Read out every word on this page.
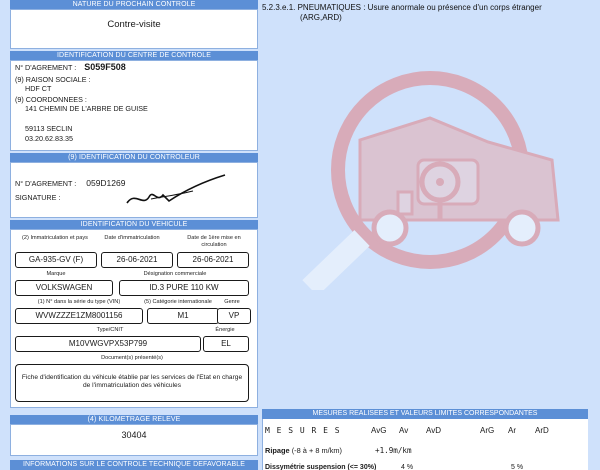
NATURE DU PROCHAIN CONTROLE
Contre-visite
IDENTIFICATION DU CENTRE DE CONTROLE
N° D'AGREMENT : S059F508
(9) RAISON SOCIALE :
HDF CT
(9) COORDONNEES :
141 CHEMIN DE L'ARBRE DE GUISE
59113 SECLIN
03.20.62.83.35
(9) IDENTIFICATION DU CONTROLEUR
N° D'AGREMENT : 059D1269
SIGNATURE :
IDENTIFICATION DU VEHICULE
(2) Immatriculation et pays	Date d'immatriculation	Date de 1ère mise en circulation
GA-935-GV (F)	26-06-2021	26-06-2021
Marque	Désignation commerciale
VOLKSWAGEN	ID.3 PURE 110 KW
(1) N° dans la série du type (VIN)	(5) Catégorie internationale	Genre
WVWZZZE1ZM8001156	M1	VP
Type/CNIT	Énergie
M10VWGVPX53P799	EL
Document(s) présenté(s)
Fiche d'identification du véhicule établie par les services de l'Etat en charge de l'immatriculation des véhicules
(4) KILOMETRAGE RELEVE
30404
INFORMATIONS SUR LE CONTROLE TECHNIQUE DEFAVORABLE
5.2.3.e.1. PNEUMATIQUES : Usure anormale ou présence d'un corps étranger
(ARG,ARD)
MESURES REALISEES ET VALEURS LIMITES CORRESPONDANTES
M E S U R E S	AvG Av AvD	ArG Ar ArD
Ripage (-8 à + 8 m/km)	+1.9m/km
Dissymétrie suspension (<= 30%)	4 %	5 %
